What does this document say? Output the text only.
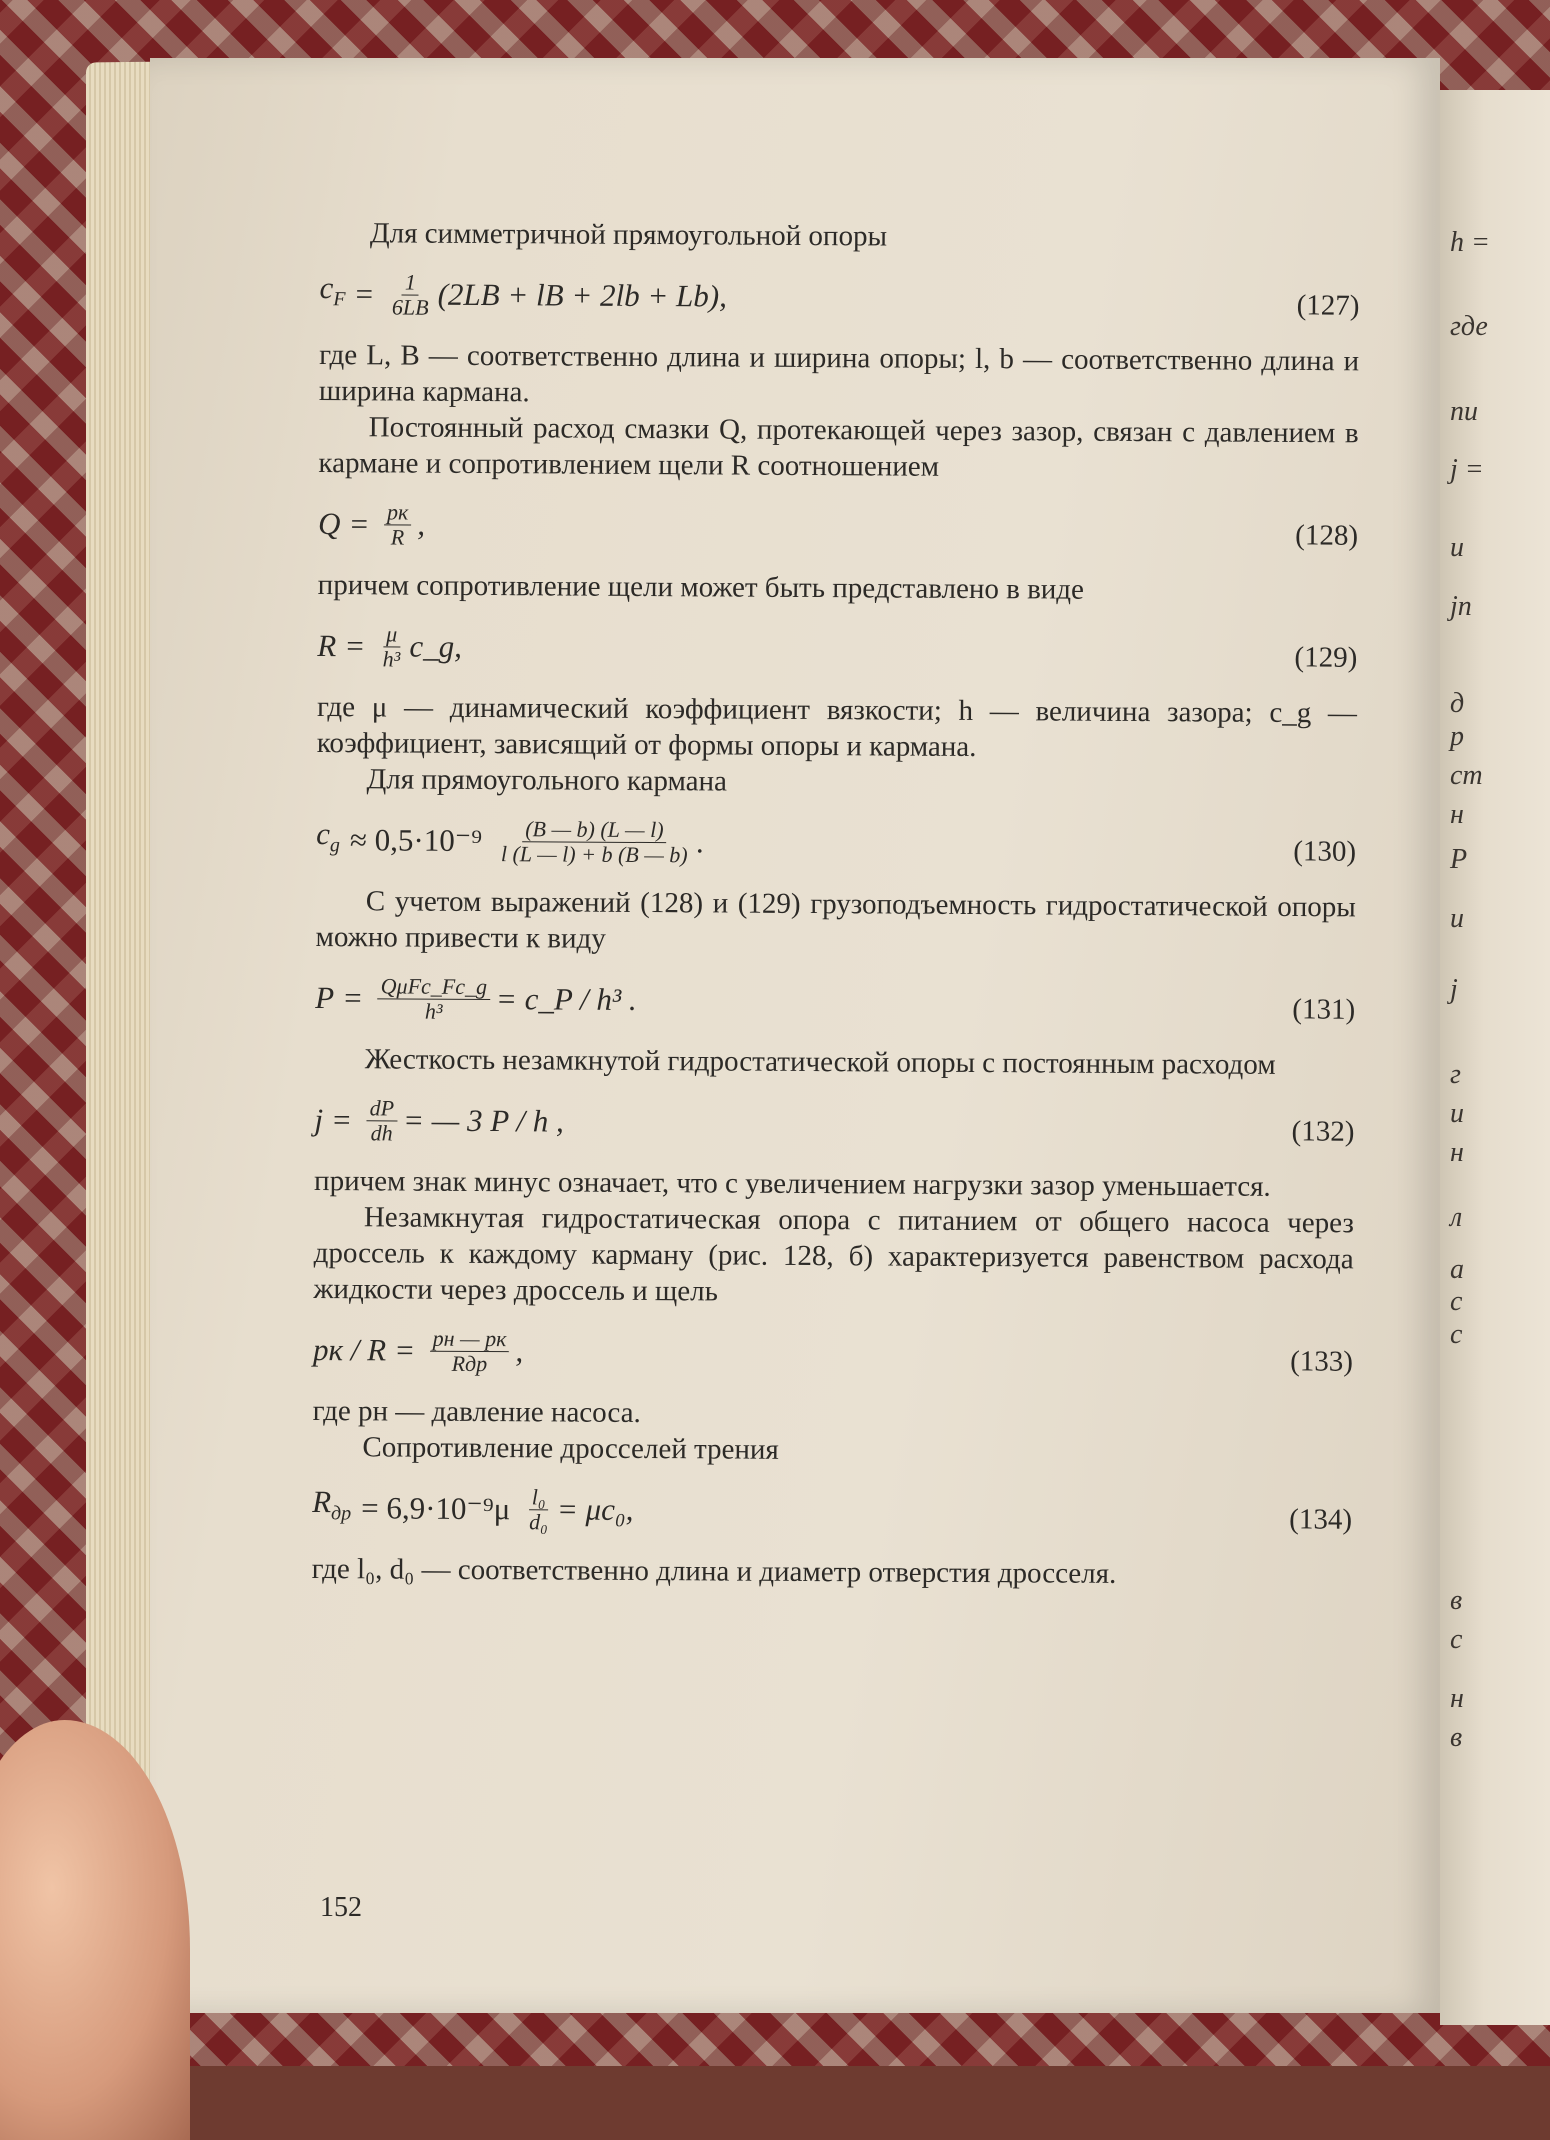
h =
где
пи
j =
и
jп
д
р
ст
н
P
и
j
г
и
н
л
а
с
с
в
с
н
в

Для симметричной прямоугольной опоры

$c_F = \frac{1}{6LB} (2LB$ + lB + 2lb + Lb),	(127)

где L, B — соответственно длина и ширина опоры; l, b — соответственно длина и ширина кармана.

Постоянный расход смазки Q, протекающей через зазор, связан с давлением в кармане и сопротивлением щели R соотношением

$Q = \frac{pк}{R}$ ,	(128)

причем сопротивление щели может быть представлено в виде

$R = \frac{\mu}{\text{h³}}$ c_g,	(129)

где μ — динамический коэффициент вязкости; h — величина зазора; c_g — коэффициент, зависящий от формы опоры и кармана.

Для прямоугольного кармана

$c_g \approx 0,5\cdot 10^{-9} \frac{(B — b) (L — l)}{l (L — l) + b (B — b)}$ .	(130)

С учетом выражений (128) и (129) грузоподъемность гидростатической опоры можно привести к виду

$P = \frac{\text{QμFc\_Fc\_g}}{\text{h³}}$ = c_P / h³ .	(131)

Жесткость незамкнутой гидростатической опоры с постоянным расходом

$j = \frac{dP}{dh}$ = — 3 P / h ,	(132)

причем знак минус означает, что с увеличением нагрузки зазор уменьшается.

Незамкнутая гидростатическая опора с питанием от общего насоса через дроссель к каждому карману (рис. 128, б) характеризуется равенством расхода жидкости через дроссель и щель

pк / $R = \frac{pн — pк}{\text{Rдр}}$ ,	(133)

где pн — давление насоса.

Сопротивление дросселей трения

$R_{др} = 6,9\cdot 10^{-9}\mu \frac{\text{l₀}}{\text{d₀}} = \mu c_0$,	(134)

где l₀, d₀ — соответственно длина и диаметр отверстия дросселя.

152
